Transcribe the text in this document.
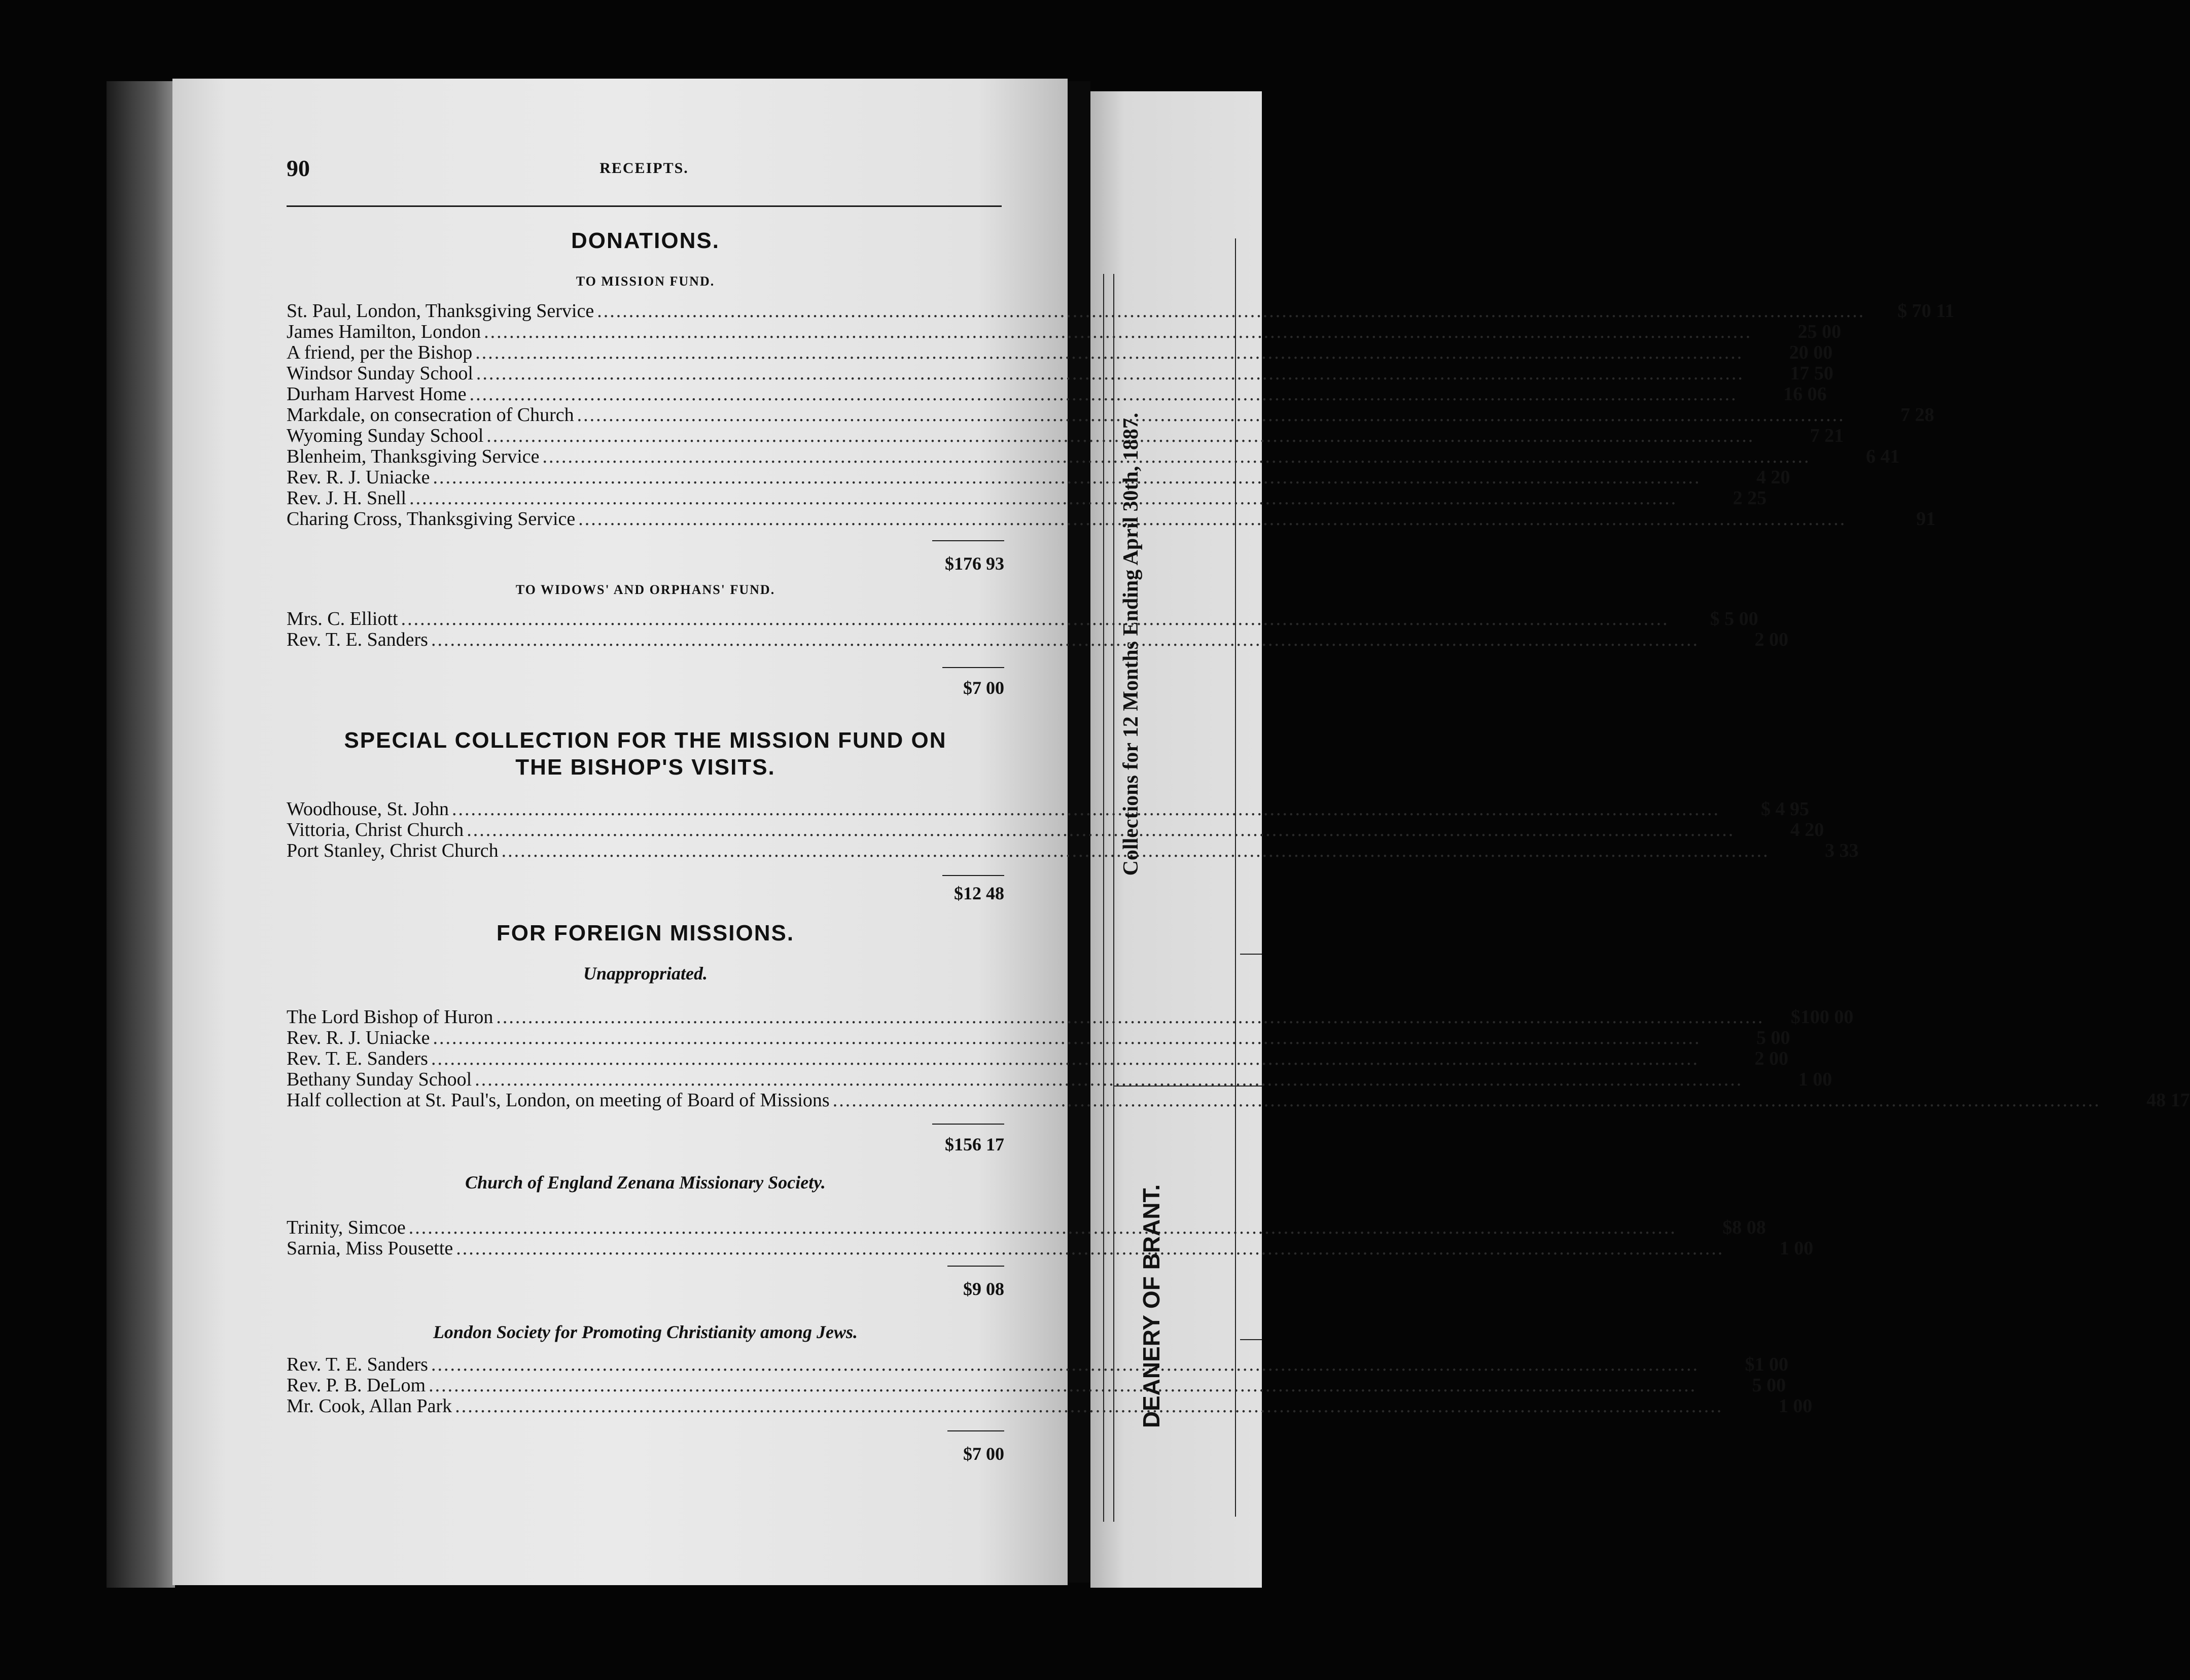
90	RECEIPTS.
DONATIONS.
TO MISSION FUND.
St. Paul, London, Thanksgiving Service ........................................................................................................................................................................................................	$ 70 11
James Hamilton, London ........................................................................................................................................................................................................	25 00
A friend, per the Bishop ........................................................................................................................................................................................................	20 00
Windsor Sunday School ........................................................................................................................................................................................................	17 50
Durham Harvest Home ........................................................................................................................................................................................................	16 06
Markdale, on consecration of Church ........................................................................................................................................................................................................	7 28
Wyoming Sunday School ........................................................................................................................................................................................................	7 21
Blenheim, Thanksgiving Service ........................................................................................................................................................................................................	6 41
Rev. R. J. Uniacke ........................................................................................................................................................................................................	4 20
Rev. J. H. Snell ........................................................................................................................................................................................................	2 25
Charing Cross, Thanksgiving Service ........................................................................................................................................................................................................	91
$176 93
TO WIDOWS' AND ORPHANS' FUND.
Mrs. C. Elliott ........................................................................................................................................................................................................	$ 5 00
Rev. T. E. Sanders ........................................................................................................................................................................................................	2 00
$7 00
SPECIAL COLLECTION FOR THE MISSION FUND ON
THE BISHOP'S VISITS.
Woodhouse, St. John ........................................................................................................................................................................................................	$ 4 95
Vittoria, Christ Church ........................................................................................................................................................................................................	4 20
Port Stanley, Christ Church ........................................................................................................................................................................................................	3 33
$12 48
FOR FOREIGN MISSIONS.
Unappropriated.
The Lord Bishop of Huron ........................................................................................................................................................................................................	$100 00
Rev. R. J. Uniacke ........................................................................................................................................................................................................	5 00
Rev. T. E. Sanders ........................................................................................................................................................................................................	2 00
Bethany Sunday School ........................................................................................................................................................................................................	1 00
Half collection at St. Paul's, London, on meeting of Board of Missions ........................................................................................................................................................................................................	48 17
$156 17
Church of England Zenana Missionary Society.
Trinity, Simcoe ........................................................................................................................................................................................................	$8 08
Sarnia, Miss Pousette ........................................................................................................................................................................................................	1 00
$9 08
London Society for Promoting Christianity among Jews.
Rev. T. E. Sanders ........................................................................................................................................................................................................	$1 00
Rev. P. B. DeLom ........................................................................................................................................................................................................	5 00
Mr. Cook, Allan Park ........................................................................................................................................................................................................	1 00
$7 00
Collections for 12 Months Ending April 30th, 1887.
DEANERY OF BRANT.
